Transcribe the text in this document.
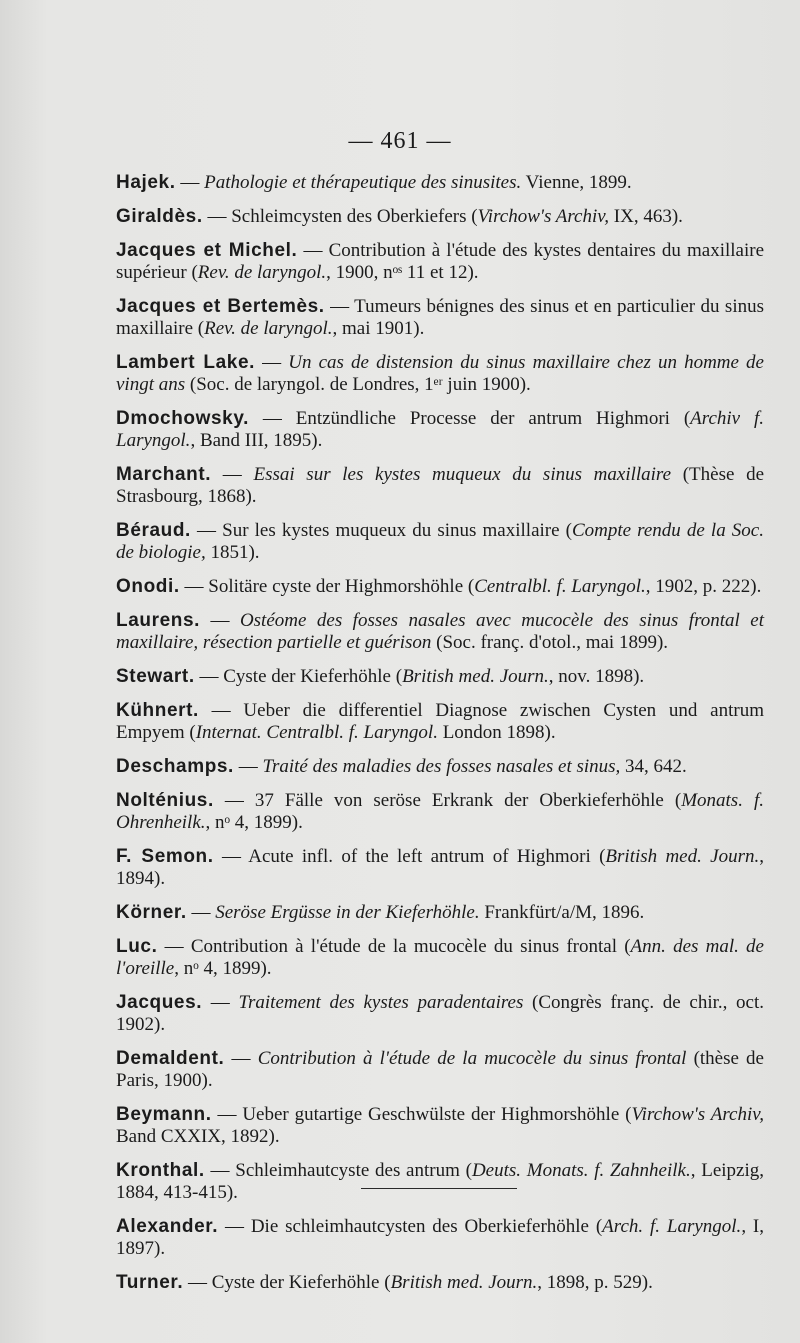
— 461 —

Hajek. — Pathologie et thérapeutique des sinusites. Vienne, 1899.

Giraldès. — Schleimcysten des Oberkiefers (Virchow's Archiv, IX, 463).

Jacques et Michel. — Contribution à l'étude des kystes dentaires du maxillaire supérieur (Rev. de laryngol., 1900, nᵒˢ 11 et 12).

Jacques et Bertemès. — Tumeurs bénignes des sinus et en particulier du sinus maxillaire (Rev. de laryngol., mai 1901).

Lambert Lake. — Un cas de distension du sinus maxillaire chez un homme de vingt ans (Soc. de laryngol. de Londres, 1ᵉʳ juin 1900).

Dmochowsky. — Entzündliche Processe der antrum Highmori (Archiv f. Laryngol., Band III, 1895).

Marchant. — Essai sur les kystes muqueux du sinus maxillaire (Thèse de Strasbourg, 1868).

Béraud. — Sur les kystes muqueux du sinus maxillaire (Compte rendu de la Soc. de biologie, 1851).

Onodi. — Solitäre cyste der Highmorshöhle (Centralbl. f. Laryngol., 1902, p. 222).

Laurens. — Ostéome des fosses nasales avec mucocèle des sinus frontal et maxillaire, résection partielle et guérison (Soc. franç. d'otol., mai 1899).

Stewart. — Cyste der Kieferhöhle (British med. Journ., nov. 1898).

Kühnert. — Ueber die differentiel Diagnose zwischen Cysten und antrum Empyem (Internat. Centralbl. f. Laryngol. London 1898).

Deschamps. — Traité des maladies des fosses nasales et sinus, 34, 642.

Nolténius. — 37 Fälle von seröse Erkrank der Oberkieferhöhle (Monats. f. Ohrenheilk., nᵒ 4, 1899).

F. Semon. — Acute infl. of the left antrum of Highmori (British med. Journ., 1894).

Körner. — Seröse Ergüsse in der Kieferhöhle. Frankfürt/a/M, 1896.

Luc. — Contribution à l'étude de la mucocèle du sinus frontal (Ann. des mal. de l'oreille, nᵒ 4, 1899).

Jacques. — Traitement des kystes paradentaires (Congrès franç. de chir., oct. 1902).

Demaldent. — Contribution à l'étude de la mucocèle du sinus frontal (thèse de Paris, 1900).

Beymann. — Ueber gutartige Geschwülste der Highmorshöhle (Virchow's Archiv, Band CXXIX, 1892).

Kronthal. — Schleimhautcyste des antrum (Deuts. Monats. f. Zahnheilk., Leipzig, 1884, 413-415).

Alexander. — Die schleimhautcysten des Oberkieferhöhle (Arch. f. Laryngol., I, 1897).

Turner. — Cyste der Kieferhöhle (British med. Journ., 1898, p. 529).
